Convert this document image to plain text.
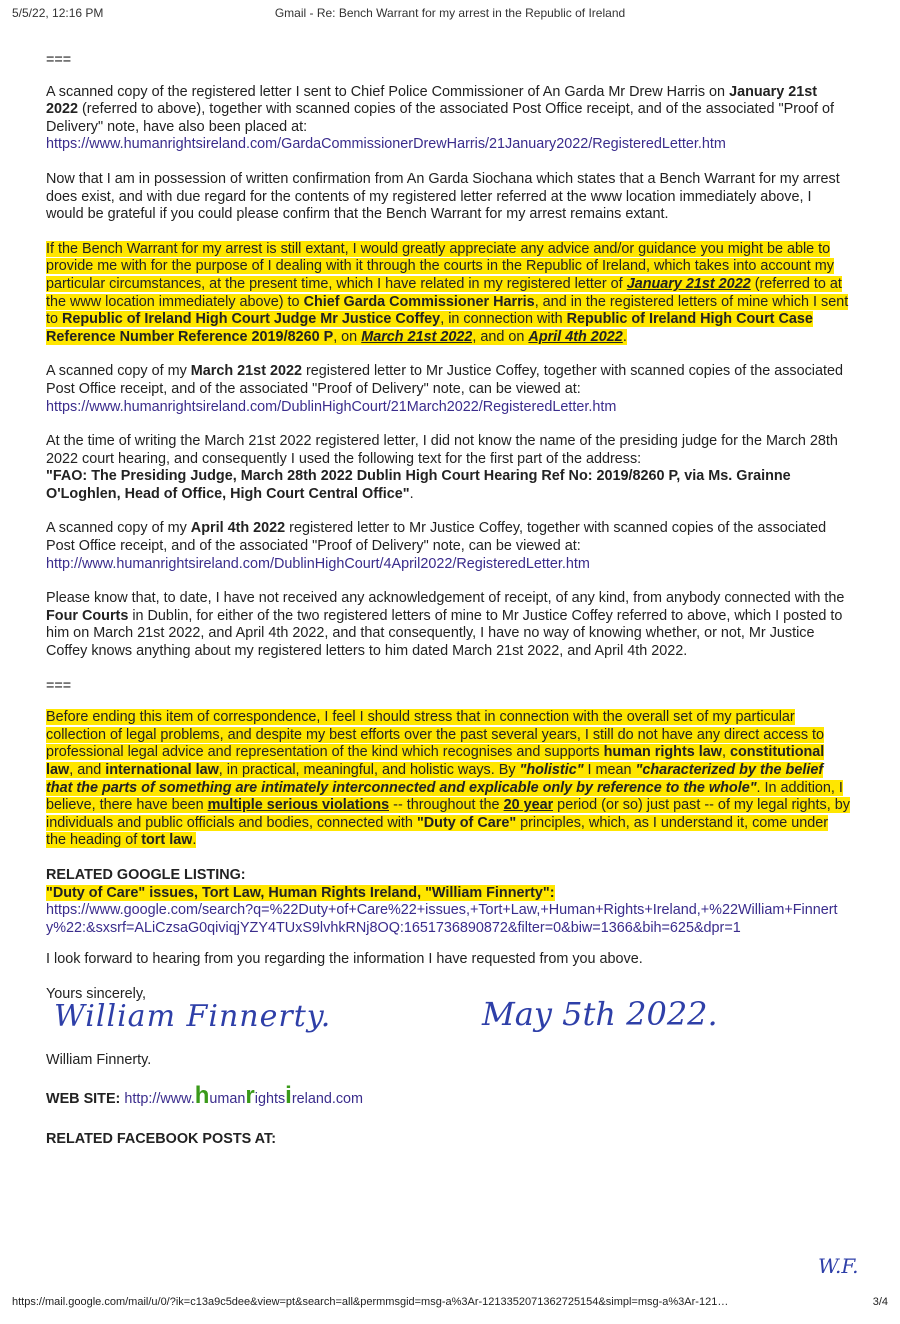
5/5/22, 12:16 PM	Gmail - Re: Bench Warrant for my arrest in the Republic of Ireland

===

A scanned copy of the registered letter I sent to Chief Police Commissioner of An Garda Mr Drew Harris on January 21st 2022 (referred to above), together with scanned copies of the associated Post Office receipt, and of the associated "Proof of Delivery" note, have also been placed at:
https://www.humanrightsireland.com/GardaCommissionerDrewHarris/21January2022/RegisteredLetter.htm

Now that I am in possession of written confirmation from An Garda Siochana which states that a Bench Warrant for my arrest does exist, and with due regard for the contents of my registered letter referred at the www location immediately above, I would be grateful if you could please confirm that the Bench Warrant for my arrest remains extant.

If the Bench Warrant for my arrest is still extant, I would greatly appreciate any advice and/or guidance you might be able to provide me with for the purpose of I dealing with it through the courts in the Republic of Ireland, which takes into account my particular circumstances, at the present time, which I have related in my registered letter of January 21st 2022 (referred to at the www location immediately above) to Chief Garda Commissioner Harris, and in the registered letters of mine which I sent to Republic of Ireland High Court Judge Mr Justice Coffey, in connection with Republic of Ireland High Court Case Reference Number Reference 2019/8260 P, on March 21st 2022, and on April 4th 2022.

A scanned copy of my March 21st 2022 registered letter to Mr Justice Coffey, together with scanned copies of the associated Post Office receipt, and of the associated "Proof of Delivery" note, can be viewed at:
https://www.humanrightsireland.com/DublinHighCourt/21March2022/RegisteredLetter.htm

At the time of writing the March 21st 2022 registered letter, I did not know the name of the presiding judge for the March 28th 2022 court hearing, and consequently I used the following text for the first part of the address:
"FAO: The Presiding Judge, March 28th 2022 Dublin High Court Hearing Ref No: 2019/8260 P, via Ms. Grainne O'Loghlen, Head of Office, High Court Central Office".

A scanned copy of my April 4th 2022 registered letter to Mr Justice Coffey, together with scanned copies of the associated Post Office receipt, and of the associated "Proof of Delivery" note, can be viewed at:
http://www.humanrightsireland.com/DublinHighCourt/4April2022/RegisteredLetter.htm

Please know that, to date, I have not received any acknowledgement of receipt, of any kind, from anybody connected with the Four Courts in Dublin, for either of the two registered letters of mine to Mr Justice Coffey referred to above, which I posted to him on March 21st 2022, and April 4th 2022, and that consequently, I have no way of knowing whether, or not, Mr Justice Coffey knows anything about my registered letters to him dated March 21st 2022, and April 4th 2022.

===

Before ending this item of correspondence, I feel I should stress that in connection with the overall set of my particular collection of legal problems, and despite my best efforts over the past several years, I still do not have any direct access to professional legal advice and representation of the kind which recognises and supports human rights law, constitutional law, and international law, in practical, meaningful, and holistic ways. By "holistic" I mean "characterized by the belief that the parts of something are intimately interconnected and explicable only by reference to the whole". In addition, I believe, there have been multiple serious violations -- throughout the 20 year period (or so) just past -- of my legal rights, by individuals and public officials and bodies, connected with "Duty of Care" principles, which, as I understand it, come under the heading of tort law.

RELATED GOOGLE LISTING:
"Duty of Care" issues, Tort Law, Human Rights Ireland, "William Finnerty":
https://www.google.com/search?q=%22Duty+of+Care%22+issues,+Tort+Law,+Human+Rights+Ireland,+%22William+Finnerty%22:&sxsrf=ALiCzsaG0qiviqjYZY4TUxS9lvhkRNj8OQ:1651736890872&filter=0&biw=1366&bih=625&dpr=1

I look forward to hearing from you regarding the information I have requested from you above.

Yours sincerely,

William Finnerty.	May 5th 2022.

William Finnerty.

WEB SITE: http://www.humanrightsireland.com

RELATED FACEBOOK POSTS AT:

W.F.
https://mail.google.com/mail/u/0/?ik=c13a9c5dee&view=pt&search=all&permmsgid=msg-a%3Ar-1213352071362725154&simpl=msg-a%3Ar-121…	3/4
